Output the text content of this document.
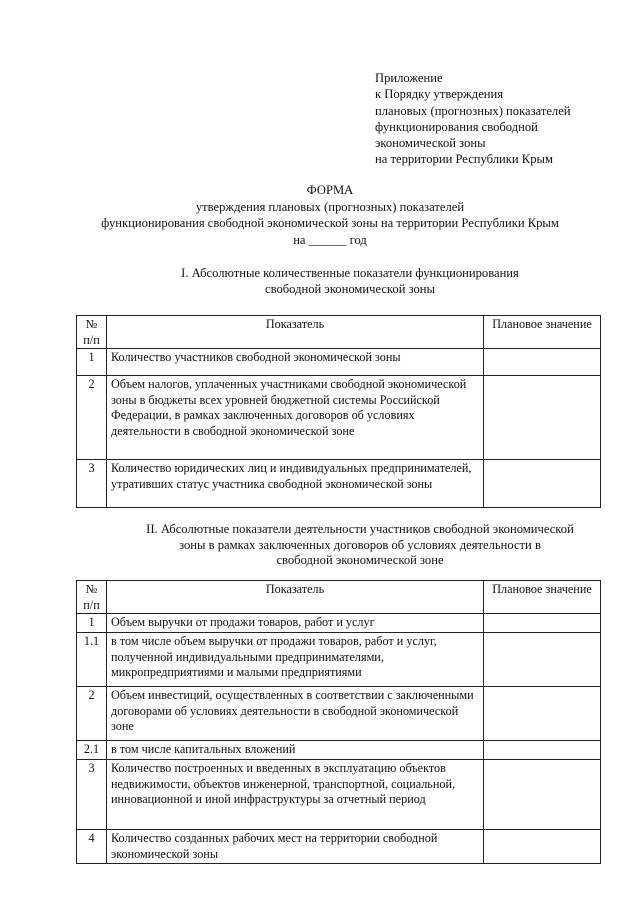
Приложение
к Порядку утверждения
плановых (прогнозных) показателей
функционирования свободной
экономической зоны
на территории Республики Крым
ФОРМА
утверждения плановых (прогнозных) показателей
функционирования свободной экономической зоны на территории Республики Крым
на ______ год
I. Абсолютные количественные показатели функционирования
свободной экономической зоны
№ п/п	Показатель	Плановое значение
1	Количество участников свободной экономической зоны	
2	Объем налогов, уплаченных участниками свободной экономической зоны в бюджеты всех уровней бюджетной системы Российской Федерации, в рамках заключенных договоров об условиях деятельности в свободной экономической зоне	
3	Количество юридических лиц и индивидуальных предпринимателей, утративших статус участника свободной экономической зоны	
II. Абсолютные показатели деятельности участников свободной экономической
зоны в рамках заключенных договоров об условиях деятельности в
свободной экономической зоне
№ п/п	Показатель	Плановое значение
1	Объем выручки от продажи товаров, работ и услуг	
1.1	в том числе объем выручки от продажи товаров, работ и услуг, полученной индивидуальными предпринимателями, микропредприятиями и малыми предприятиями	
2	Объем инвестиций, осуществленных в соответствии с заключенными договорами об условиях деятельности в свободной экономической зоне	
2.1	в том числе капитальных вложений	
3	Количество построенных и введенных в эксплуатацию объектов недвижимости, объектов инженерной, транспортной, социальной, инновационной и иной инфраструктуры за отчетный период	
4	Количество созданных рабочих мест на территории свободной экономической зоны	
